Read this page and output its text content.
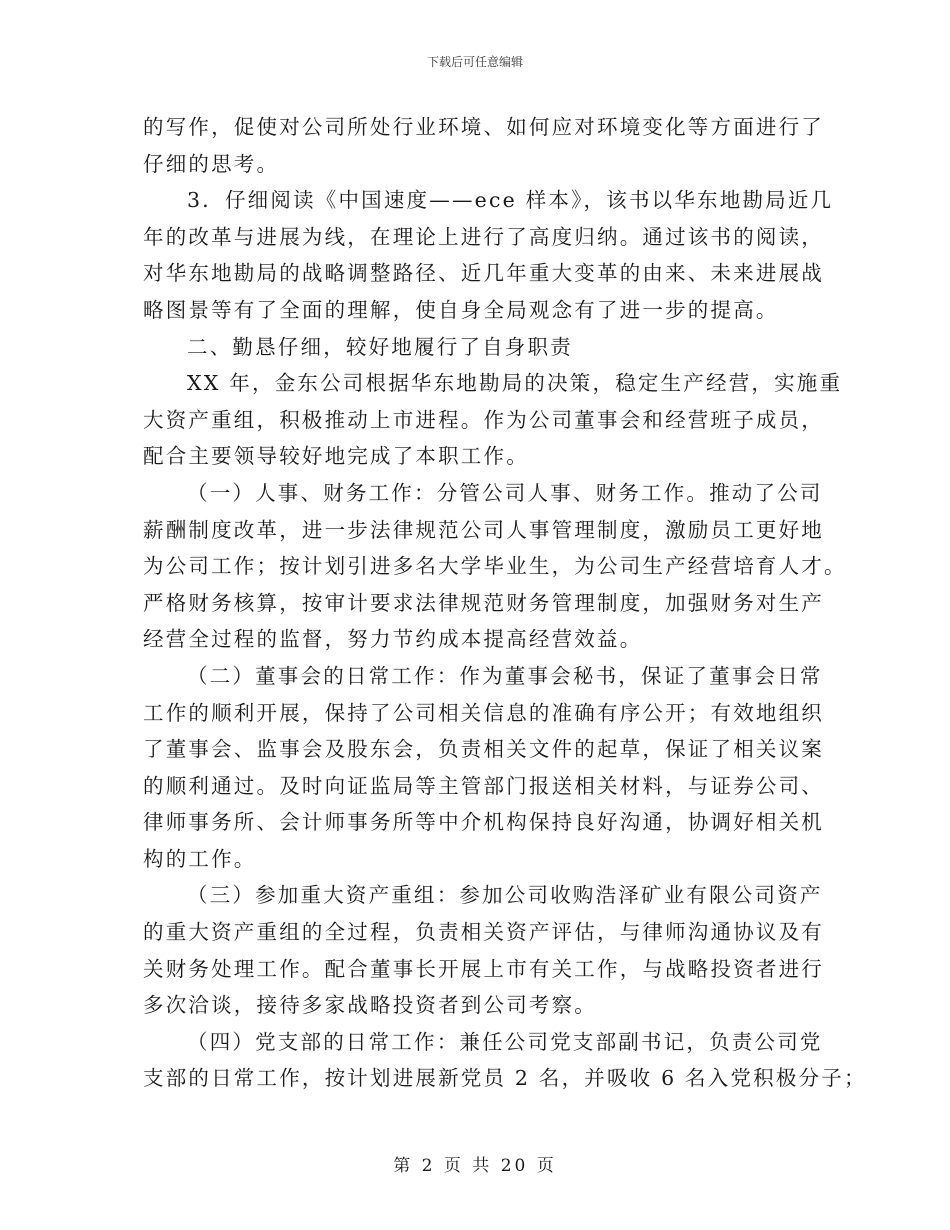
下载后可任意编辑

的写作，促使对公司所处行业环境、如何应对环境变化等方面进行了

仔细的思考。

3．仔细阅读《中国速度——ece 样本》，该书以华东地勘局近几

年的改革与进展为线，在理论上进行了高度归纳。通过该书的阅读，

对华东地勘局的战略调整路径、近几年重大变革的由来、未来进展战

略图景等有了全面的理解，使自身全局观念有了进一步的提高。

二、勤恳仔细，较好地履行了自身职责

XX 年，金东公司根据华东地勘局的决策，稳定生产经营，实施重

大资产重组，积极推动上市进程。作为公司董事会和经营班子成员，

配合主要领导较好地完成了本职工作。

（一）人事、财务工作：分管公司人事、财务工作。推动了公司

薪酬制度改革，进一步法律规范公司人事管理制度，激励员工更好地

为公司工作；按计划引进多名大学毕业生，为公司生产经营培育人才。

严格财务核算，按审计要求法律规范财务管理制度，加强财务对生产

经营全过程的监督，努力节约成本提高经营效益。

（二）董事会的日常工作：作为董事会秘书，保证了董事会日常

工作的顺利开展，保持了公司相关信息的准确有序公开；有效地组织

了董事会、监事会及股东会，负责相关文件的起草，保证了相关议案

的顺利通过。及时向证监局等主管部门报送相关材料，与证券公司、

律师事务所、会计师事务所等中介机构保持良好沟通，协调好相关机

构的工作。

（三）参加重大资产重组：参加公司收购浩泽矿业有限公司资产

的重大资产重组的全过程，负责相关资产评估，与律师沟通协议及有

关财务处理工作。配合董事长开展上市有关工作，与战略投资者进行

多次洽谈，接待多家战略投资者到公司考察。

（四）党支部的日常工作：兼任公司党支部副书记，负责公司党

支部的日常工作，按计划进展新党员 2 名，并吸收 6 名入党积极分子；

第 2 页 共 20 页
